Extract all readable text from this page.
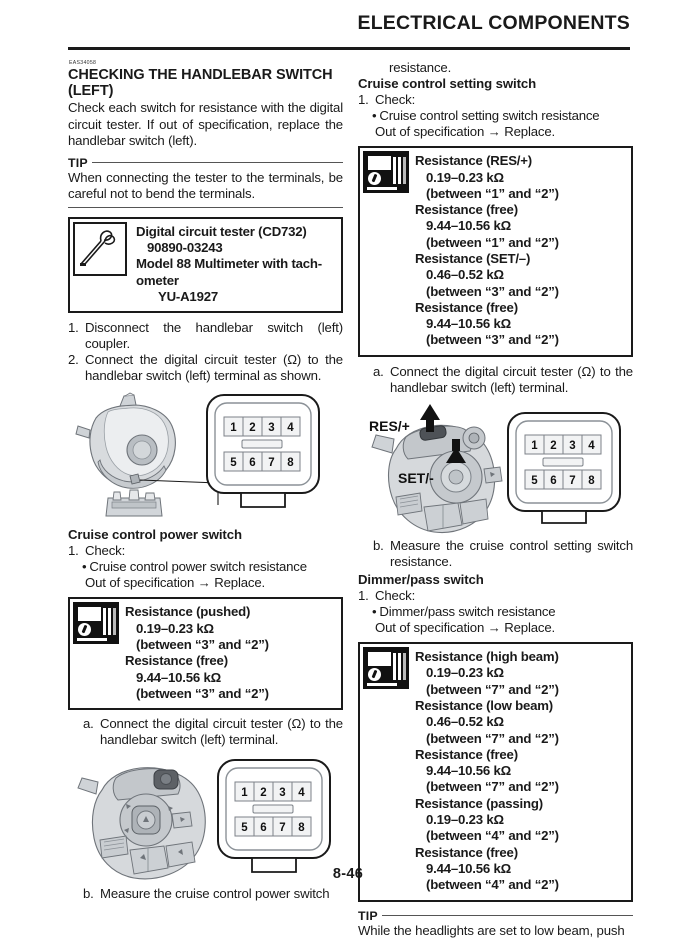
ELECTRICAL COMPONENTS
EAS34058
CHECKING THE HANDLEBAR SWITCH (LEFT)

Check each switch for resistance with the digital circuit tester. If out of specification, replace the handlebar switch (left).

TIP

When connecting the tester to the terminals, be careful not to bend the terminals.

Digital circuit tester (CD732)
90890-03243
Model 88 Multimeter with tach-
ometer
YU-A1927
1. Disconnect the handlebar switch (left) coupler.
2. Connect the digital circuit tester (Ω) to the handlebar switch (left) terminal as shown.
1 2 3 4
5 6 7 8
Cruise control power switch
1. Check:
• Cruise control power switch resistance

Out of specification → Replace.

Resistance (pushed)
0.19–0.23 kΩ
(between “3” and “2”)
Resistance (free)
9.44–10.56 kΩ
(between “3” and “2”)
a. Connect the digital circuit tester (Ω) to the handlebar switch (left) terminal.
1 2 3 4
5 6 7 8
b. Measure the cruise control power switch

resistance.

Cruise control setting switch
1. Check:
• Cruise control setting switch resistance

Out of specification → Replace.

Resistance (RES/+)
0.19–0.23 kΩ
(between “1” and “2”)
Resistance (free)
9.44–10.56 kΩ
(between “1” and “2”)
Resistance (SET/–)
0.46–0.52 kΩ
(between “3” and “2”)
Resistance (free)
9.44–10.56 kΩ
(between “3” and “2”)
a. Connect the digital circuit tester (Ω) to the handlebar switch (left) terminal.
RES/+
SET/-
1 2 3 4
5 6 7 8
b. Measure the cruise control setting switch resistance.
Dimmer/pass switch
1. Check:
• Dimmer/pass switch resistance

Out of specification → Replace.

Resistance (high beam)
0.19–0.23 kΩ
(between “7” and “2”)
Resistance (low beam)
0.46–0.52 kΩ
(between “7” and “2”)
Resistance (free)
9.44–10.56 kΩ
(between “7” and “2”)
Resistance (passing)
0.19–0.23 kΩ
(between “4” and “2”)
Resistance (free)
9.44–10.56 kΩ
(between “4” and “2”)
TIP

While the headlights are set to low beam, push

8-46
